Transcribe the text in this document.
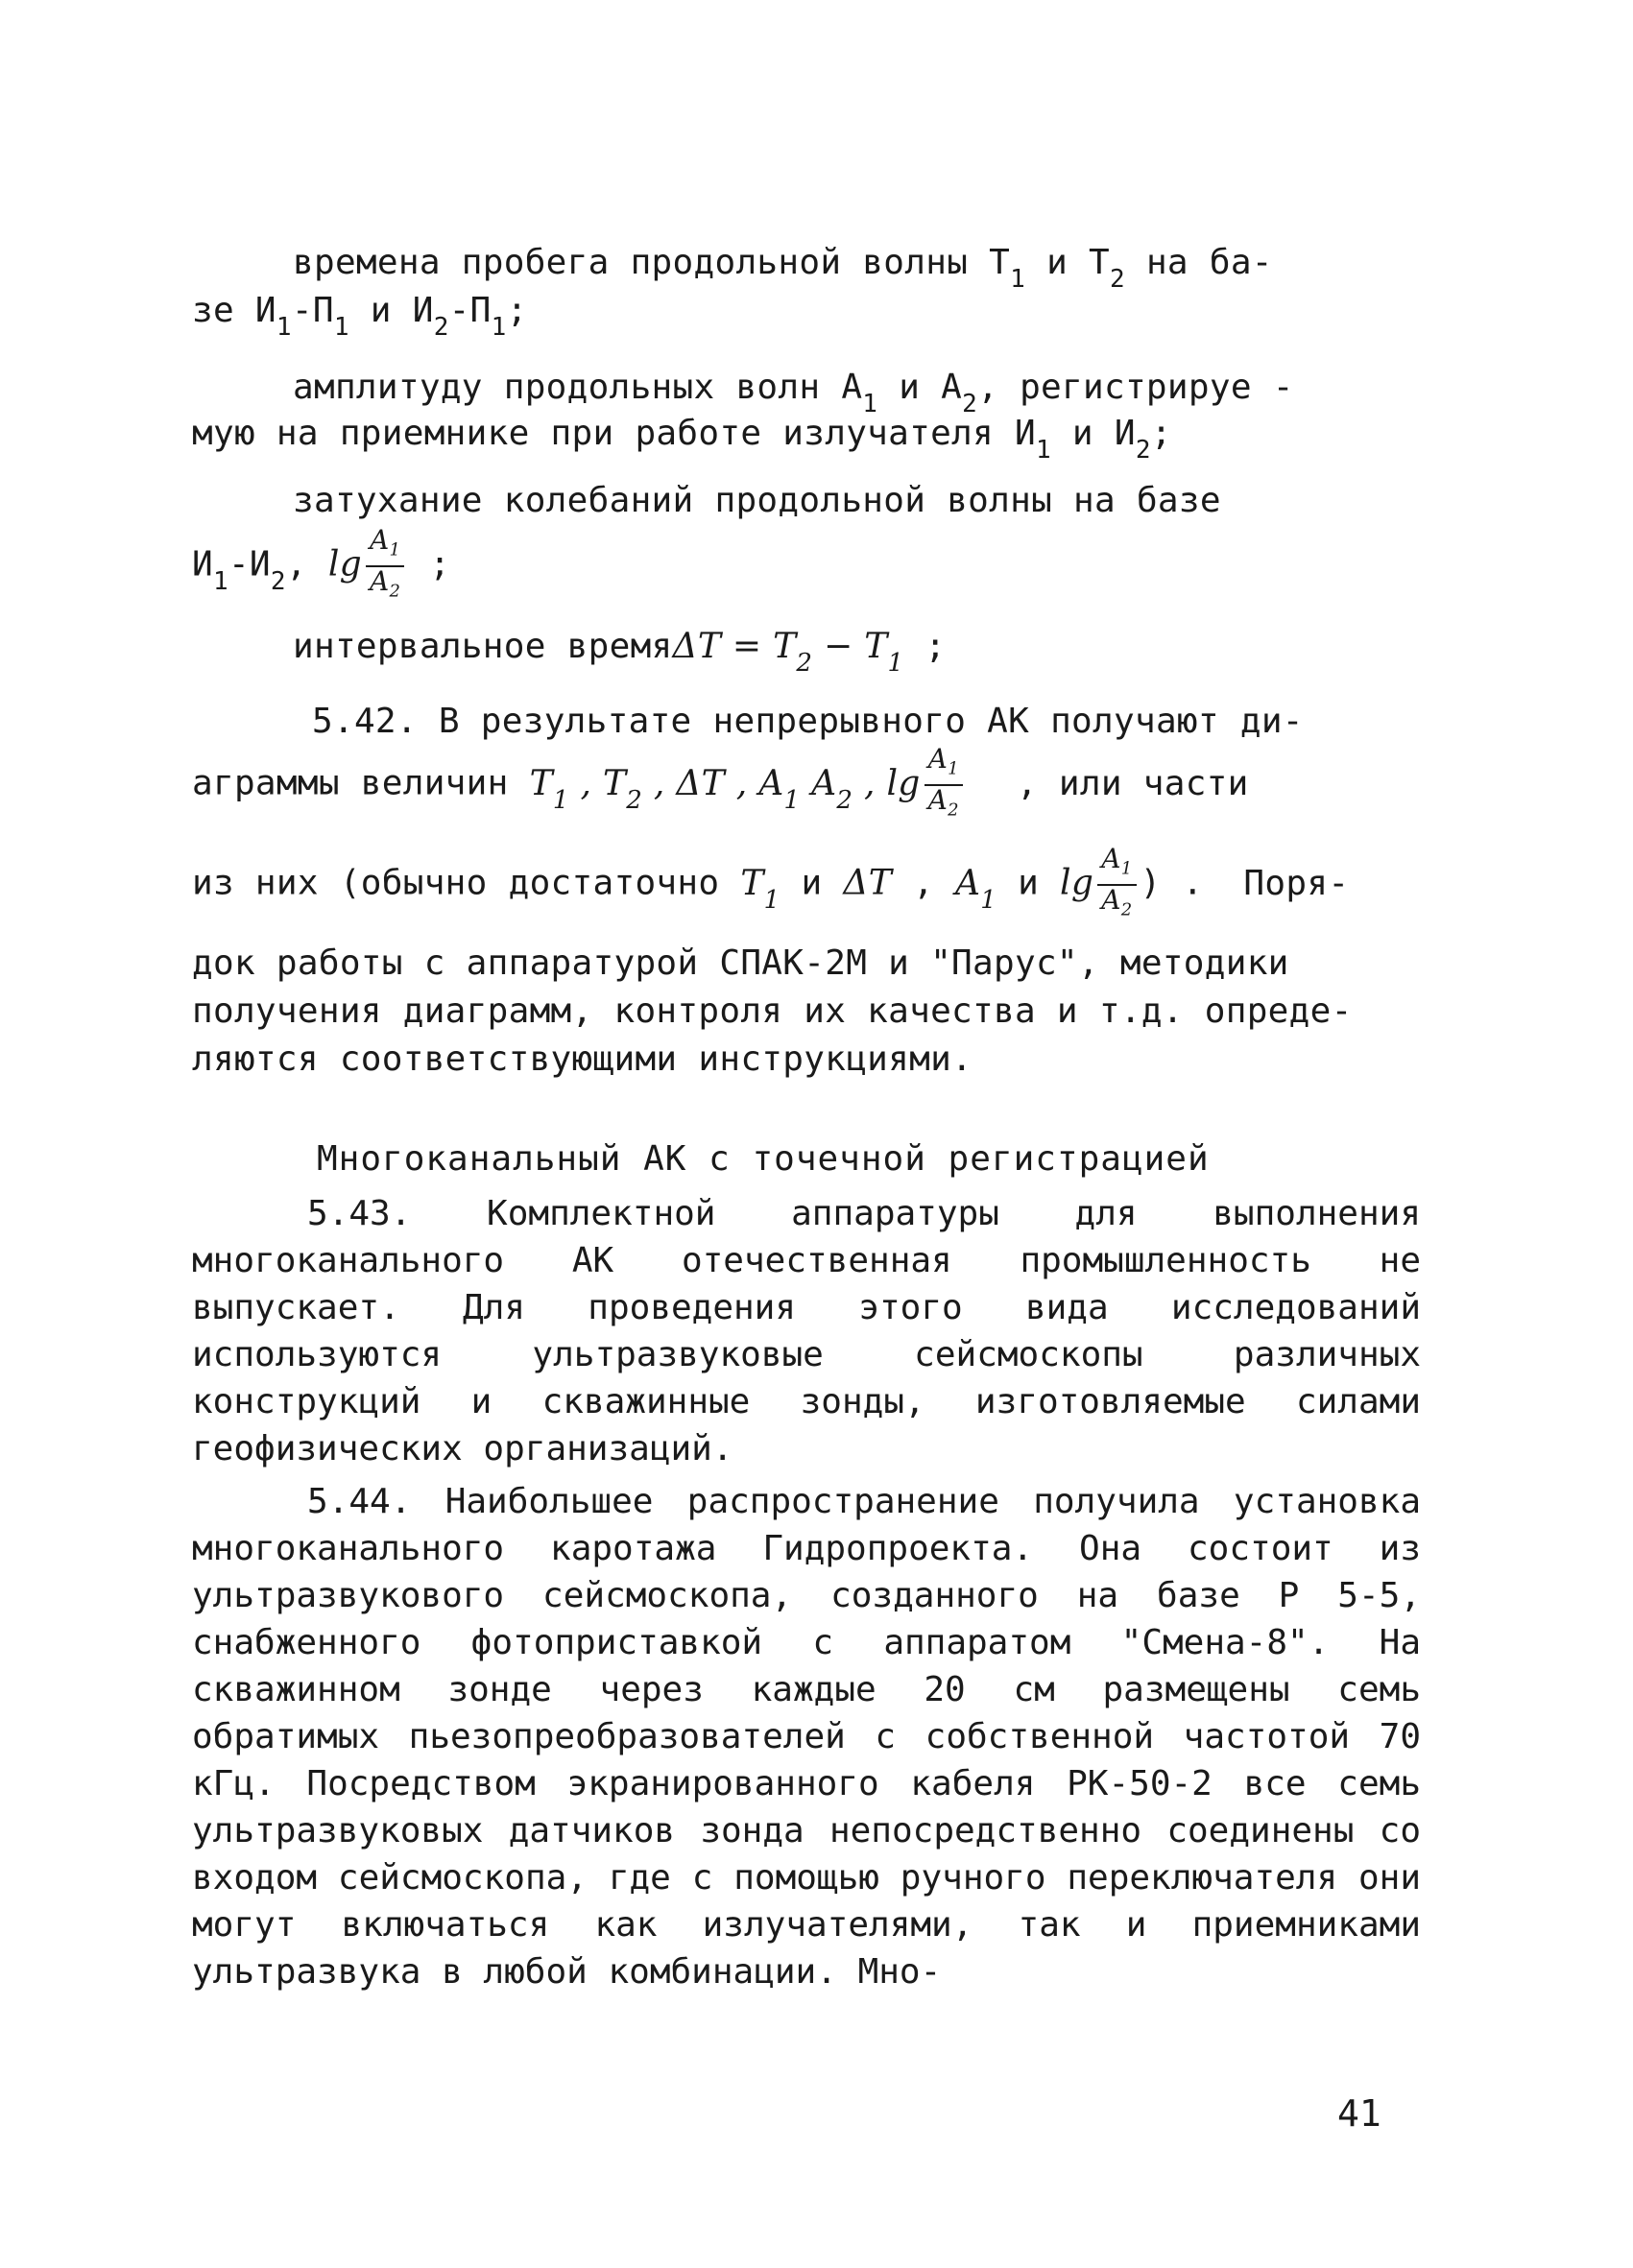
времена пробега продольной волны $T_1$ и $T_2$ на ба-
зе $И_1-П_1$ и $И_2-П_1$;
амплитуду продольных волн $A_1$ и $A_2$, регистрируе -
мую на приемнике при работе излучателя $И_1$ и $И_2$;
затухание колебаний продольной волны на базе
$И_1-И_2$, $\lg \frac{A_1}{A_2}$ ;
интервальное времяΔT = $T_2 - T_1$ ;
5.42. В результате непрерывного АК получают ди-
аграммы величин $T_1$ , $T_2$ , ΔT , $A_1$ $A_2$ , $\lg \frac{A_1}{A_2}$ , или части
из них (обычно достаточно $T_1$ и ΔT , $A_1$ и $\lg \frac{A_1}{A_2}$ ) . Поря-
док работы с аппаратурой СПАК-2М и "Парус", методики
получения диаграмм, контроля их качества и т.д. опреде-
ляются соответствующими инструкциями.
Многоканальный АК с точечной регистрацией
5.43. Комплектной аппаратуры для выполнения многоканального АК отечественная промышленность не выпускает. Для проведения этого вида исследований используются ультразвуковые сейсмоскопы различных конструкций и скважинные зонды, изготовляемые силами геофизических организаций.
5.44. Наибольшее распространение получила установка многоканального каротажа Гидропроекта. Она состоит из ультразвукового сейсмоскопа, созданного на базе P 5-5, снабженного фотоприставкой с аппаратом "Смена-8". На скважинном зонде через каждые 20 см размещены семь обратимых пьезопреобразователей с собственной частотой 70 кГц. Посредством экранированного кабеля PK-50-2 все семь ультразвуковых датчиков зонда непосредственно соединены со входом сейсмоскопа, где с помощью ручного переключателя они могут включаться как излучателями, так и приемниками ультразвука в любой комбинации. Мно-
41
